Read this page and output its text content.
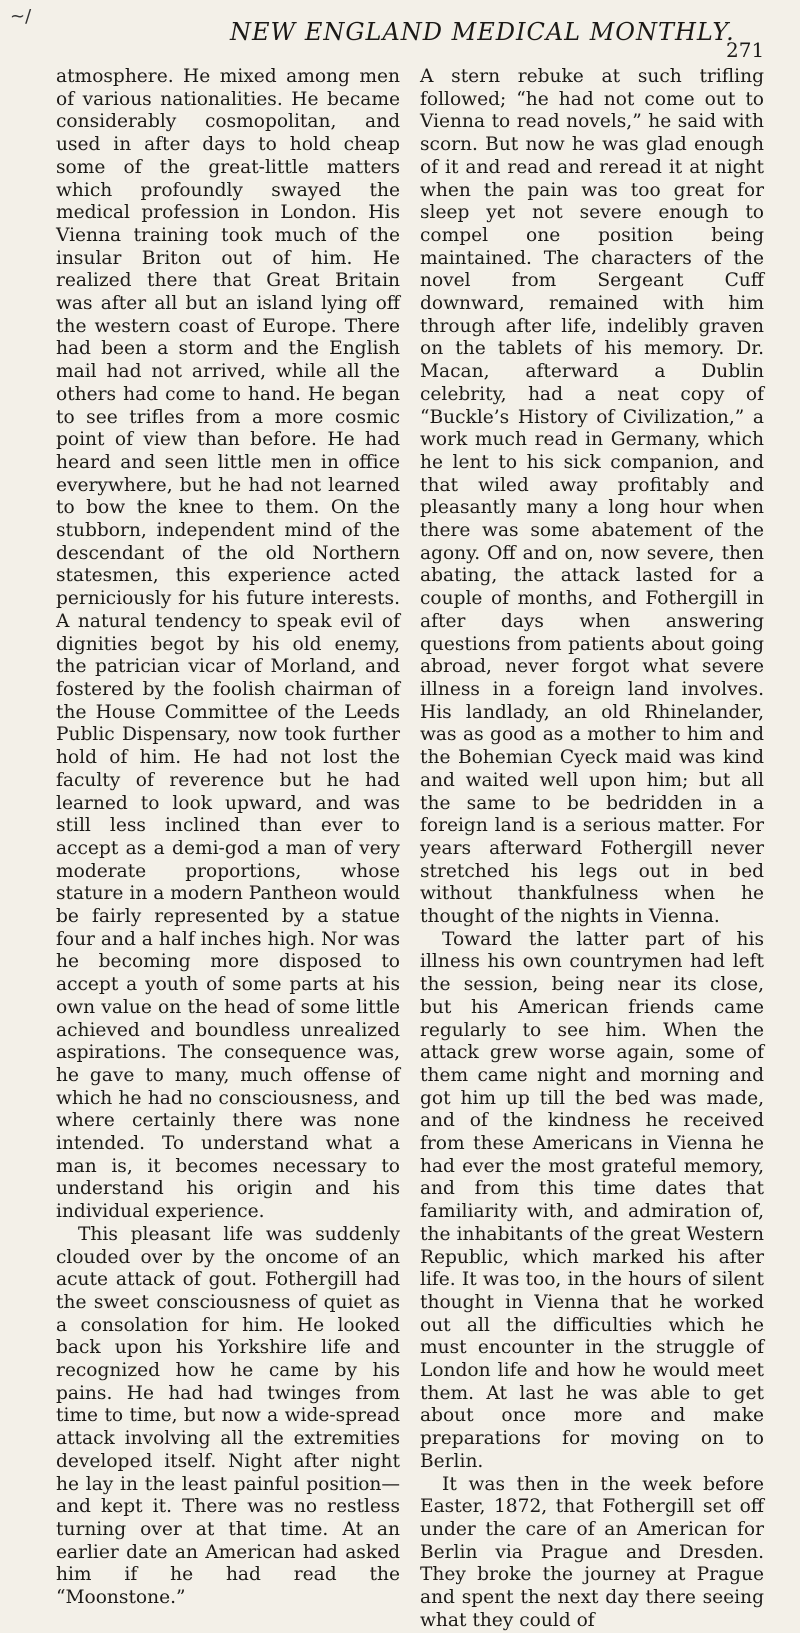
~/
NEW ENGLAND MEDICAL MONTHLY.
271

atmosphere. He mixed among men of various nationalities. He became considerably cosmopolitan, and used in after days to hold cheap some of the great-little matters which profoundly swayed the medical profession in London. His Vienna training took much of the insular Briton out of him. He realized there that Great Britain was after all but an island lying off the western coast of Europe. There had been a storm and the English mail had not arrived, while all the others had come to hand. He began to see trifles from a more cosmic point of view than before. He had heard and seen little men in office everywhere, but he had not learned to bow the knee to them. On the stubborn, independent mind of the descendant of the old Northern statesmen, this experience acted perniciously for his future interests. A natural tendency to speak evil of dignities begot by his old enemy, the patrician vicar of Morland, and fostered by the foolish chairman of the House Committee of the Leeds Public Dispensary, now took further hold of him. He had not lost the faculty of reverence but he had learned to look upward, and was still less inclined than ever to accept as a demi-god a man of very moderate proportions, whose stature in a modern Pantheon would be fairly represented by a statue four and a half inches high. Nor was he becoming more disposed to accept a youth of some parts at his own value on the head of some little achieved and boundless unrealized aspirations. The consequence was, he gave to many, much offense of which he had no consciousness, and where certainly there was none intended. To understand what a man is, it becomes necessary to understand his origin and his individual experience.

This pleasant life was suddenly clouded over by the oncome of an acute attack of gout. Fothergill had the sweet consciousness of quiet as a consolation for him. He looked back upon his Yorkshire life and recognized how he came by his pains. He had had twinges from time to time, but now a wide-spread attack involving all the extremities developed itself. Night after night he lay in the least painful position—and kept it. There was no restless turning over at that time. At an earlier date an American had asked him if he had read the “Moonstone.”

A stern rebuke at such trifling followed; “he had not come out to Vienna to read novels,” he said with scorn. But now he was glad enough of it and read and reread it at night when the pain was too great for sleep yet not severe enough to compel one position being maintained. The characters of the novel from Sergeant Cuff downward, remained with him through after life, indelibly graven on the tablets of his memory. Dr. Macan, afterward a Dublin celebrity, had a neat copy of “Buckle’s History of Civilization,” a work much read in Germany, which he lent to his sick companion, and that wiled away profitably and pleasantly many a long hour when there was some abatement of the agony. Off and on, now severe, then abating, the attack lasted for a couple of months, and Fothergill in after days when answering questions from patients about going abroad, never forgot what severe illness in a foreign land involves. His landlady, an old Rhinelander, was as good as a mother to him and the Bohemian Cyeck maid was kind and waited well upon him; but all the same to be bedridden in a foreign land is a serious matter. For years afterward Fothergill never stretched his legs out in bed without thankfulness when he thought of the nights in Vienna.

Toward the latter part of his illness his own countrymen had left the session, being near its close, but his American friends came regularly to see him. When the attack grew worse again, some of them came night and morning and got him up till the bed was made, and of the kindness he received from these Americans in Vienna he had ever the most grateful memory, and from this time dates that familiarity with, and admiration of, the inhabitants of the great Western Republic, which marked his after life. It was too, in the hours of silent thought in Vienna that he worked out all the difficulties which he must encounter in the struggle of London life and how he would meet them. At last he was able to get about once more and make preparations for moving on to Berlin.

It was then in the week before Easter, 1872, that Fothergill set off under the care of an American for Berlin via Prague and Dresden. They broke the journey at Prague and spent the next day there seeing what they could of
